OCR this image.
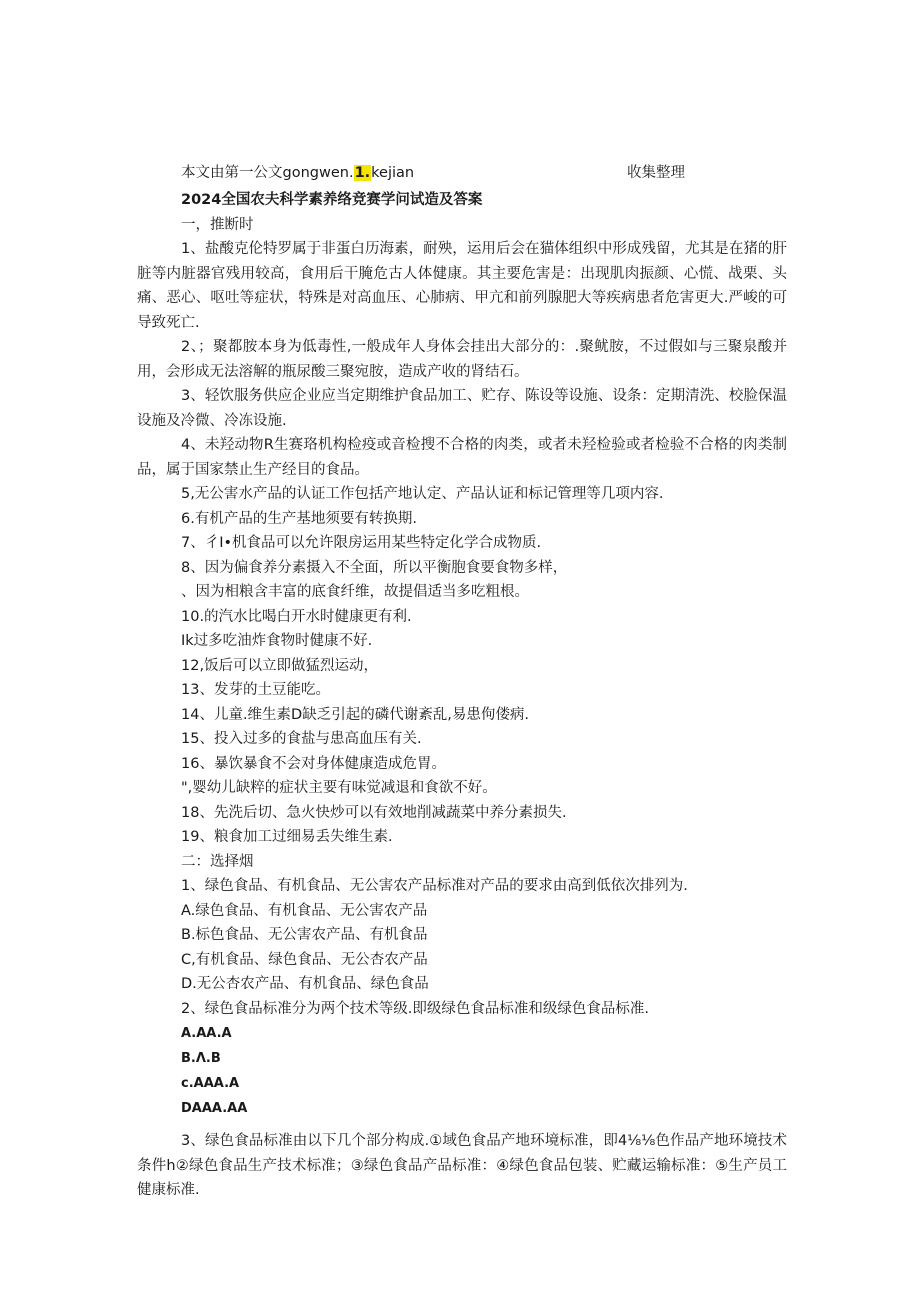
本文由第一公文gongwen.1.kejian	收集整理

2024全国农夫科学素养络竞赛学问试造及答案

一，推断时

1、盐酸克伦特罗属于非蛋白历海素，耐殃，运用后会在猫体组织中形成残留，尤其是在猪的肝脏等内脏器官残用较高，食用后干腌危古人体健康。其主要危害是：出现肌肉振颜、心慌、战栗、头痛、恶心、呕吐等症状，特殊是对高血压、心肺病、甲亢和前列腺肥大等疾病患者危害更大.严峻的可导致死亡.

2、；聚都胺本身为低毒性,一般成年人身体会挂出大部分的：.聚鱿胺，不过假如与三聚泉酸并用，会形成无法溶解的瓶尿酸三聚宛胺，造成产收的肾结石。

3、轻饮服务供应企业应当定期维护食品加工、贮存、陈设等设施、设条：定期清洗、校脸保温设施及冷微、冷冻设施.

4、未羟动物R生赛珞机构检疫或音检搜不合格的肉类，或者未羟检验或者检验不合格的肉类制品，属于国家禁止生产经目的食品。

5,无公害水产品的认证工作包括产地认定、产品认证和标记管理等几项内容.

6.有机产品的生产基地须要有转换期.

7、彳I•机食品可以允许限房运用某些特定化学合成物质.

8、因为偏食养分素摄入不全面，所以平衡胞食要食物多样，

、因为相粮含丰富的底食纤维，故提倡适当多吃粗根。

10.的汽水比喝白开水时健康更有利.

Ik过多吃油炸食物时健康不好.

12,饭后可以立即做猛烈运动，

13、发芽的土豆能吃。

14、儿童.维生素D缺乏引起的磷代谢紊乱,易患佝偻病.

15、投入过多的食盐与患高血压有关.

16、暴饮暴食不会对身体健康造成危胃。

",婴幼儿缺粹的症状主要有味觉减退和食欲不好。

18、先洗后切、急火快炒可以有效地削减蔬菜中养分素损失.

19、粮食加工过细易丢失维生素.

二：选择烟

1、绿色食品、有机食品、无公害农产品标准对产品的要求由高到低依次排列为.

A.绿色食品、有机食品、无公害农产品

B.标色食品、无公害农产品、有机食品

C,有机食品、绿色食品、无公杏农产品

D.无公杏农产品、有机食品、绿色食品

2、绿色食品标准分为两个技术等级.即级绿色食品标准和级绿色食品标准.

A.AA.A

B.Λ.B

c.AAA.A

DAAA.AA

3、绿色食品标准由以下几个部分构成.①域色食品产地环境标准，即4⅛⅛色作品产地环境技术条件h②绿色食品生产技术标准；③绿色食品产品标准：④绿色食品包装、贮藏运输标准：⑤生产员工健康标准.
